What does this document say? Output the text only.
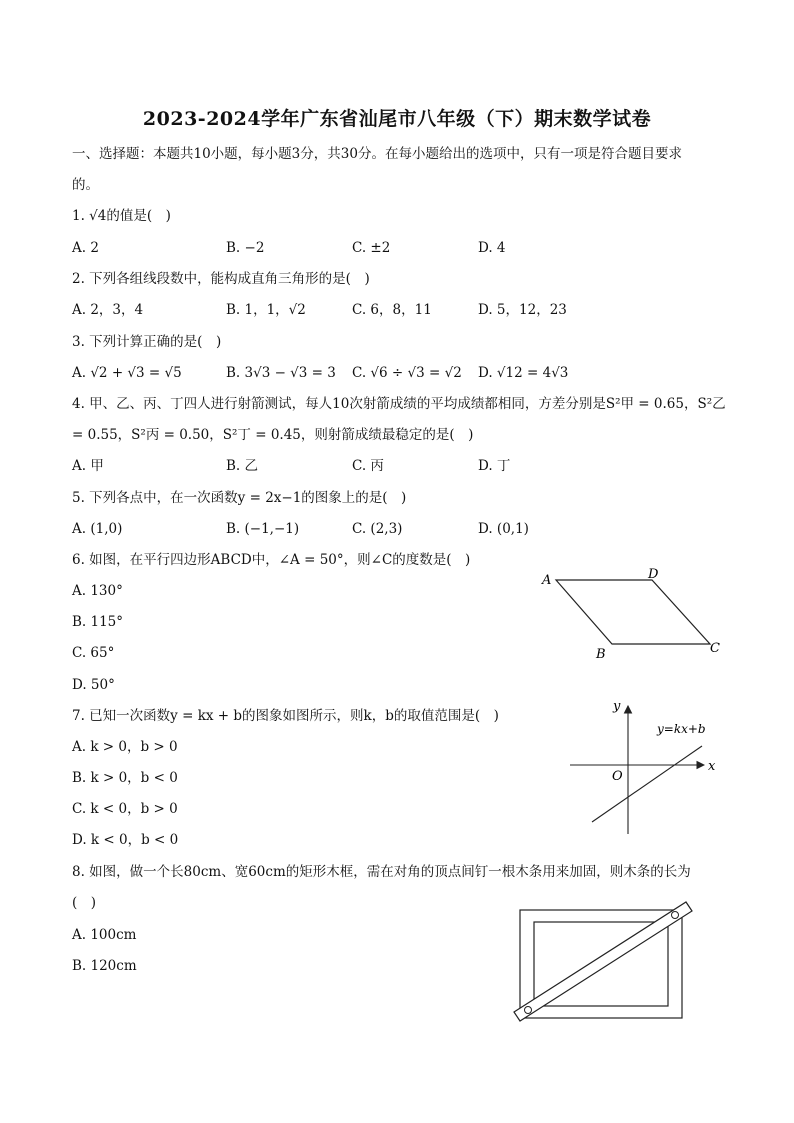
2023-2024学年广东省汕尾市八年级（下）期末数学试卷
一、选择题：本题共10小题，每小题3分，共30分。在每小题给出的选项中，只有一项是符合题目要求
的。
1. √4的值是(　)
A. 2	B. −2	C. ±2	D. 4
2. 下列各组线段数中，能构成直角三角形的是(　)
A. 2，3，4	B. 1，1，√2	C. 6，8，11	D. 5，12，23
3. 下列计算正确的是(　)
A. √2 + √3 = √5	B. 3√3 − √3 = 3 C. √6 ÷ √3 = √2 D. √12 = 4√3
4. 甲、乙、丙、丁四人进行射箭测试，每人10次射箭成绩的平均成绩都相同，方差分别是S²甲 = 0.65，S²乙
= 0.55，S²丙 = 0.50，S²丁 = 0.45，则射箭成绩最稳定的是(　)
A. 甲	B. 乙	C. 丙	D. 丁
5. 下列各点中，在一次函数y = 2x−1的图象上的是(　)
A. (1,0)	B. (−1,−1)	C. (2,3)	D. (0,1)
6. 如图，在平行四边形ABCD中，∠A = 50°，则∠C的度数是(　)
A. 130°
B. 115°
C. 65°
D. 50°
A	D
C
B
7. 已知一次函数y = kx + b的图象如图所示，则k，b的取值范围是(　)
A. k > 0，b > 0
B. k > 0，b < 0
C. k < 0，b > 0
D. k < 0，b < 0
y
x
O
y=kx+b
8. 如图，做一个长80cm、宽60cm的矩形木框，需在对角的顶点间钉一根木条用来加固，则木条的长为
(　)
A. 100cm
B. 120cm
